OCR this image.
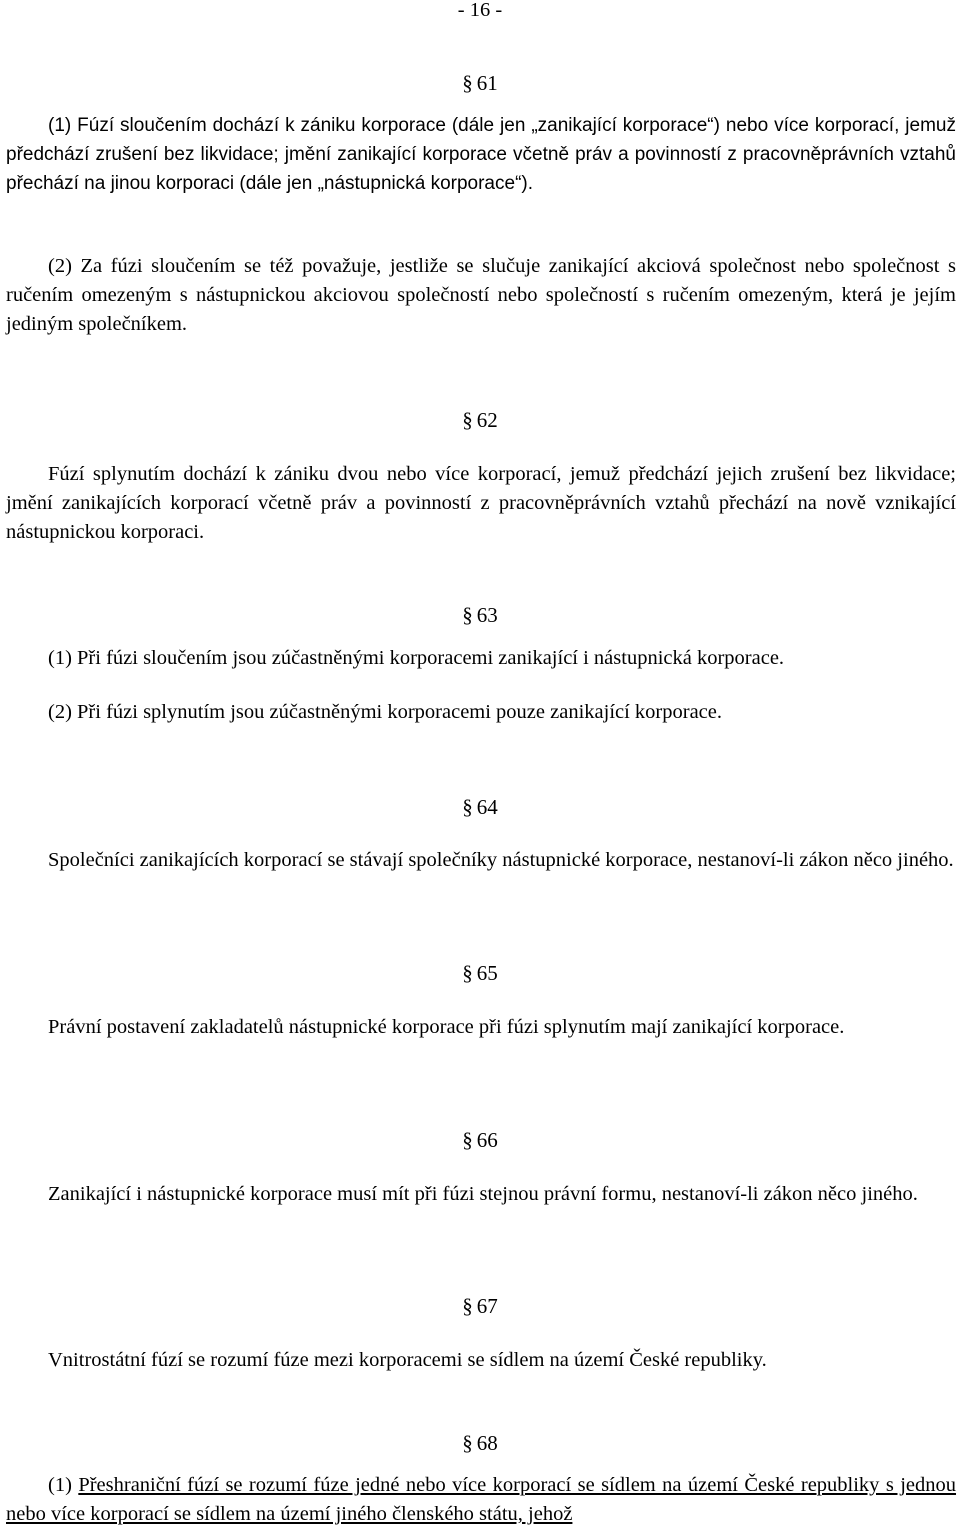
- 16 -
§ 61
(1) Fúzí sloučením dochází k zániku korporace (dále jen „zanikající korporace“) nebo více korporací, jemuž předchází zrušení bez likvidace; jmění zanikající korporace včetně práv a povinností z pracovněprávních vztahů přechází na jinou korporaci (dále jen „nástupnická korporace“).
(2) Za fúzi sloučením se též považuje, jestliže se slučuje zanikající akciová společnost nebo společnost s ručením omezeným s nástupnickou akciovou společností nebo společností s ručením omezeným, která je jejím jediným společníkem.
§ 62
Fúzí splynutím dochází k zániku dvou nebo více korporací, jemuž předchází jejich zrušení bez likvidace; jmění zanikajících korporací včetně práv a povinností z pracovněprávních vztahů přechází na nově vznikající nástupnickou korporaci.
§ 63
(1) Při fúzi sloučením jsou zúčastněnými korporacemi zanikající i nástupnická korporace.
(2) Při fúzi splynutím jsou zúčastněnými korporacemi pouze zanikající korporace.
§ 64
Společníci zanikajících korporací se stávají společníky nástupnické korporace, nestanoví-li zákon něco jiného.
§ 65
Právní postavení zakladatelů nástupnické korporace při fúzi splynutím mají zanikající korporace.
§ 66
Zanikající i nástupnické korporace musí mít při fúzi stejnou právní formu, nestanoví-li zákon něco jiného.
§ 67
Vnitrostátní fúzí se rozumí fúze mezi korporacemi se sídlem na území České republiky.
§ 68
(1) Přeshraniční fúzí se rozumí fúze jedné nebo více korporací se sídlem na území České republiky s jednou nebo více korporací se sídlem na území jiného členského státu, jehož
